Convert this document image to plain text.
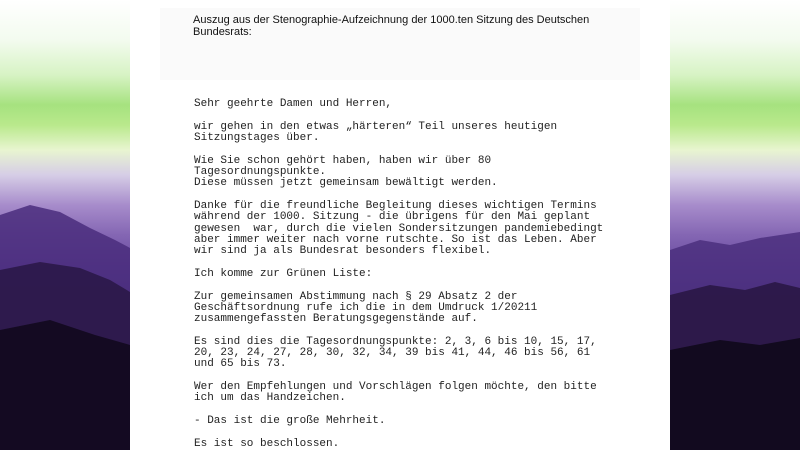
Auszug aus der Stenographie-Aufzeichnung der 1000.ten Sitzung des Deutschen Bundesrats:

Sehr geehrte Damen und Herren,

wir gehen in den etwas „härteren“ Teil unseres heutigen
Sitzungstages über.

Wie Sie schon gehört haben, haben wir über 80
Tagesordnungspunkte.
Diese müssen jetzt gemeinsam bewältigt werden.

Danke für die freundliche Begleitung dieses wichtigen Termins
während der 1000. Sitzung - die übrigens für den Mai geplant
gewesen  war, durch die vielen Sondersitzungen pandemiebedingt
aber immer weiter nach vorne rutschte. So ist das Leben. Aber
wir sind ja als Bundesrat besonders flexibel.

Ich komme zur Grünen Liste:

Zur gemeinsamen Abstimmung nach § 29 Absatz 2 der
Geschäftsordnung rufe ich die in dem Umdruck 1/20211
zusammengefassten Beratungsgegenstände auf.

Es sind dies die Tagesordnungspunkte: 2, 3, 6 bis 10, 15, 17,
20, 23, 24, 27, 28, 30, 32, 34, 39 bis 41, 44, 46 bis 56, 61
und 65 bis 73.

Wer den Empfehlungen und Vorschlägen folgen möchte, den bitte
ich um das Handzeichen.

- Das ist die große Mehrheit.

Es ist so beschlossen.
